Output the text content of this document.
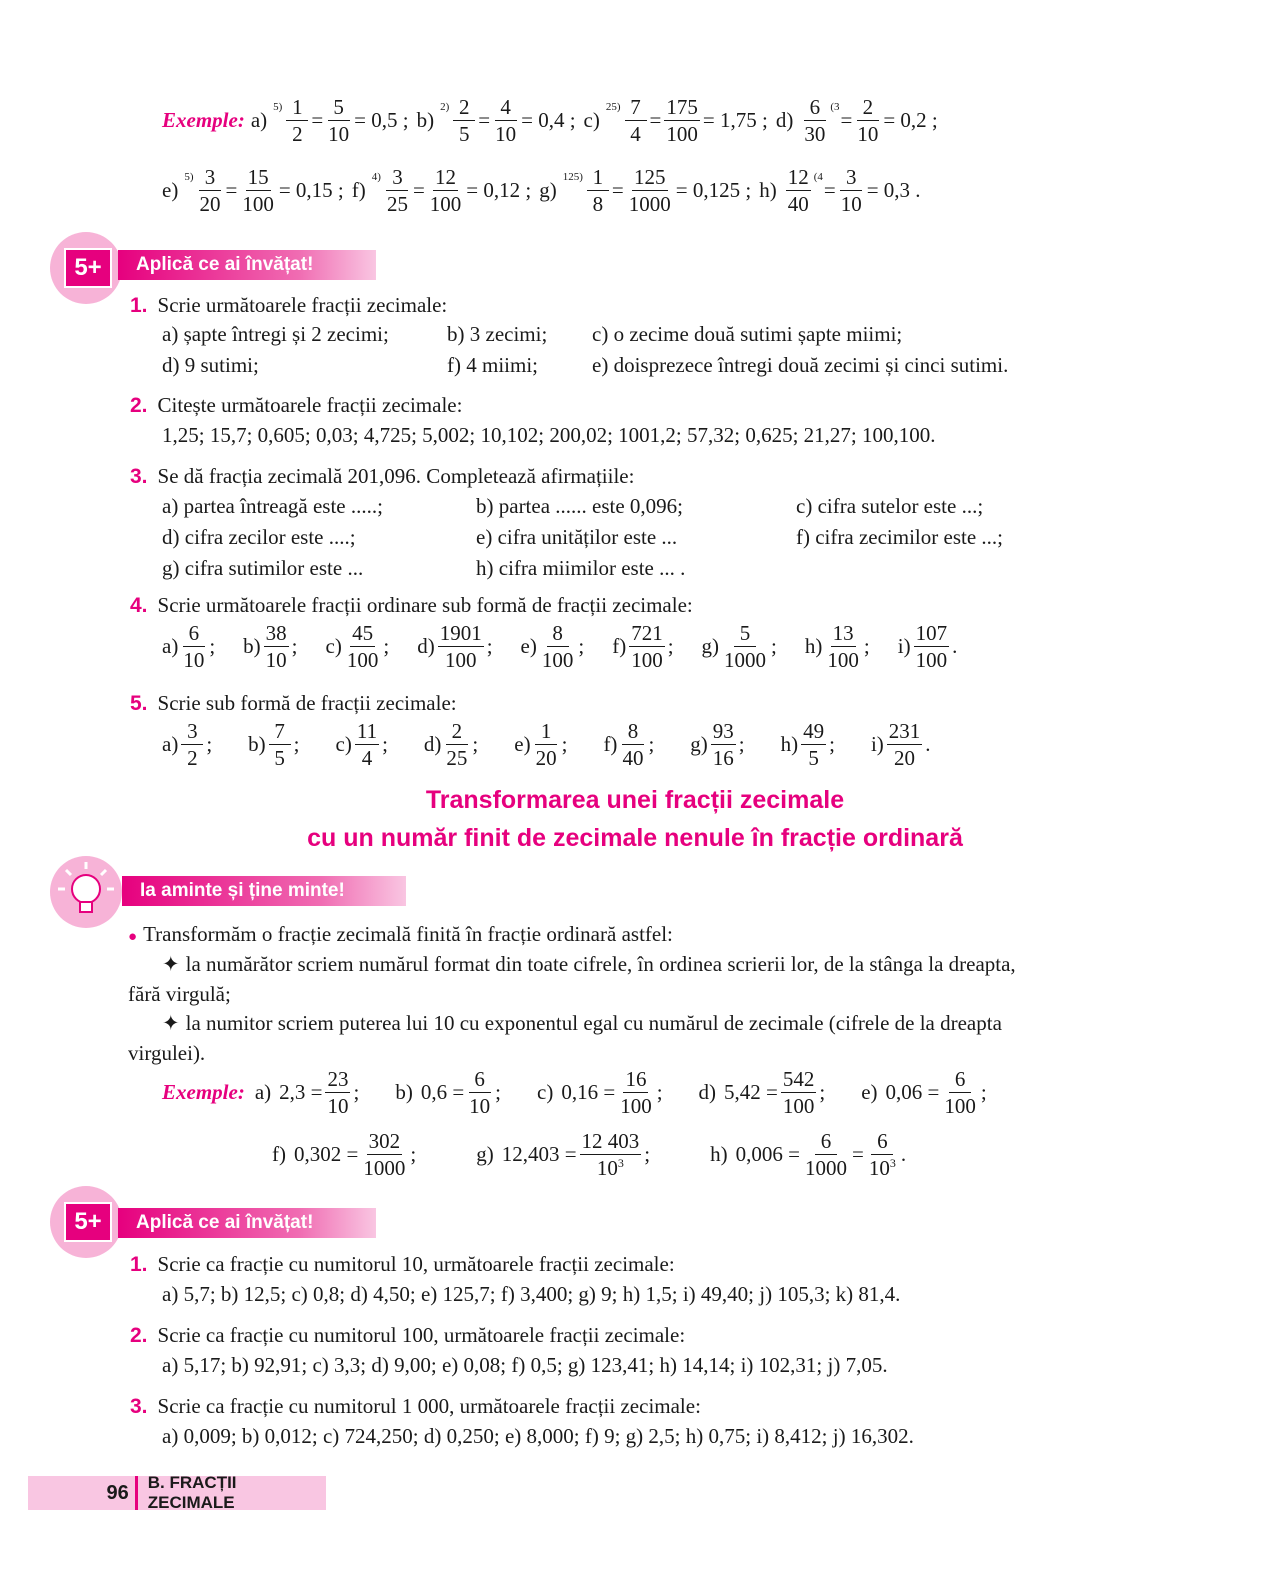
Exemple: a)
$5) \frac{1}{2} = \frac{5}{10} = 0,5$ ; b)
$2) \frac{2}{5} = \frac{4}{10} = 0,4$ ; c)
$25) \frac{7}{4} = \frac{175}{100} = 1,75$ ; $d) \frac{6}{30} (3$
= $\frac{2}{10} = 0,2$ ;
e)
$5) \frac{3}{20} = \frac{15}{100} = 0,15$ ; f)
$4) \frac{3}{25} = \frac{12}{100} = 0,12$ ; g)
$125) \frac{1}{8} = \frac{125}{1000} = 0,125$ ; $h) \frac{12}{40} (4$
= $\frac{3}{10} = 0,3$ .
5+	Aplică ce ai învățat!
1. Scrie următoarele fracții zecimale:
a) șapte întregi și 2 zecimi;	b) 3 zecimi;	c) o zecime două sutimi șapte miimi;
d) 9 sutimi;	f) 4 miimi;	e) doisprezece întregi două zecimi și cinci sutimi.
2. Citește următoarele fracții zecimale:
1,25; 15,7; 0,605; 0,03; 4,725; 5,002; 10,102; 200,02; 1001,2; 57,32; 0,625; 21,27; 100,100.
3. Se dă fracția zecimală 201,096. Completează afirmațiile:
a) partea întreagă este .....;	b) partea ...... este 0,096;	c) cifra sutelor este ...;
d) cifra zecilor este ....;	e) cifra unităților este ...	f) cifra zecimilor este ...;
g) cifra sutimilor este ...	h) cifra miimilor este ... .
4. Scrie următoarele fracții ordinare sub formă de fracții zecimale:
$a) \frac{6}{10}$ ; $b) \frac{38}{10}$ ; $c) \frac{45}{100}$ ; $d) \frac{1901}{100}$ ; $e) \frac{8}{100}$ ; $f) \frac{721}{100}$ ; $g) \frac{5}{1000}$ ; $h) \frac{13}{100}$ ; $i) \frac{107}{100}$ .
5. Scrie sub formă de fracții zecimale:
$a) \frac{3}{2}$ ; $b) \frac{7}{5}$ ; $c) \frac{11}{4}$ ; $d) \frac{2}{25}$ ; $e) \frac{1}{20}$ ; $f) \frac{8}{40}$ ; $g) \frac{93}{16}$ ; $h) \frac{49}{5}$ ; $i) \frac{231}{20}$ .
Transformarea unei fracții zecimale
cu un număr finit de zecimale nenule în fracție ordinară
Ia aminte și ține minte!
● Transformăm o fracție zecimală finită în fracție ordinară astfel:
✦ la numărător scriem numărul format din toate cifrele, în ordinea scrierii lor, de la stânga la dreapta,
fără virgulă;
✦ la numitor scriem puterea lui 10 cu exponentul egal cu numărul de zecimale (cifrele de la dreapta
virgulei).
Exemple: a) $2,3 = \frac{23}{10}$ ; b) $0,6 = \frac{6}{10}$ ; c) $0,16 = \frac{16}{100}$ ; d) $5,42 = \frac{542}{100}$ ; e) $0,06 = \frac{6}{100}$ ;
f) $0,302 = \frac{302}{1000}$ ;	g) $12,403 = \frac{12 403}{10^3}$ ;	h) $0,006 = \frac{6}{1000} = \frac{6}{10^3}$ .
5+	Aplică ce ai învățat!
1. Scrie ca fracție cu numitorul 10, următoarele fracții zecimale:
a) 5,7; b) 12,5; c) 0,8; d) 4,50; e) 125,7; f) 3,400; g) 9; h) 1,5; i) 49,40; j) 105,3; k) 81,4.
2. Scrie ca fracție cu numitorul 100, următoarele fracții zecimale:
a) 5,17; b) 92,91; c) 3,3; d) 9,00; e) 0,08; f) 0,5; g) 123,41; h) 14,14; i) 102,31; j) 7,05.
3. Scrie ca fracție cu numitorul 1 000, următoarele fracții zecimale:
a) 0,009; b) 0,012; c) 724,250; d) 0,250; e) 8,000; f) 9; g) 2,5; h) 0,75; i) 8,412; j) 16,302.
96	B. FRACȚII ZECIMALE
